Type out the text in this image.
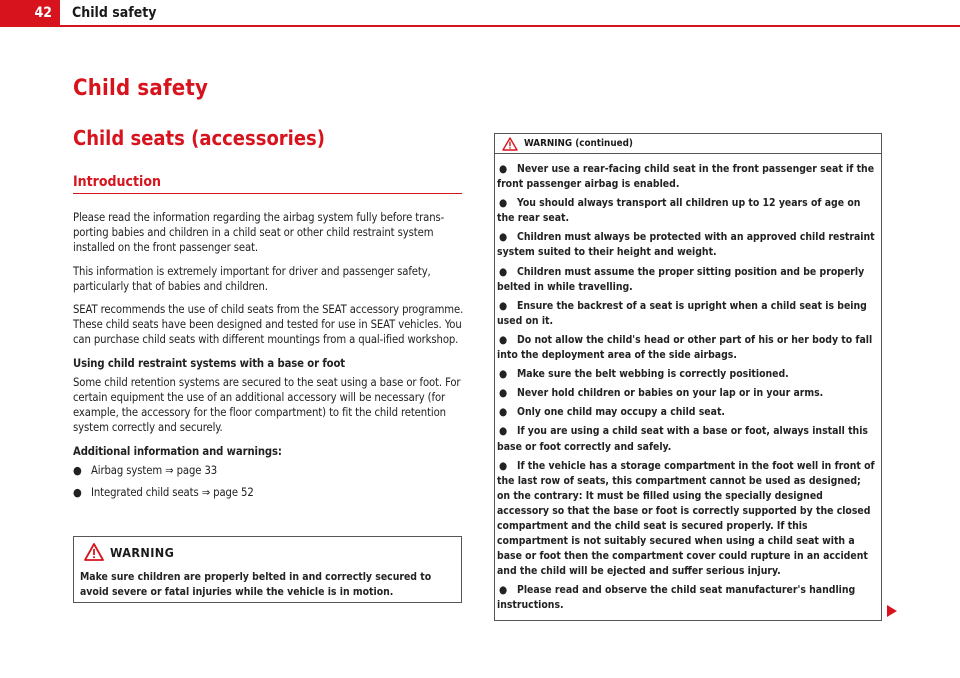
42	Child safety
Child safety
Child seats (accessories)
Introduction

Please read the information regarding the airbag system fully before trans-porting babies and children in a child seat or other child restraint system installed on the front passenger seat.

This information is extremely important for driver and passenger safety, particularly that of babies and children.

SEAT recommends the use of child seats from the SEAT accessory programme. These child seats have been designed and tested for use in SEAT vehicles. You can purchase child seats with different mountings from a qual-ified workshop.

Using child restraint systems with a base or foot

Some child retention systems are secured to the seat using a base or foot. For certain equipment the use of an additional accessory will be necessary (for example, the accessory for the floor compartment) to fit the child retention system correctly and securely.

Additional information and warnings:
● Airbag system ⇒ page 33
● Integrated child seats ⇒ page 52
WARNING
Make sure children are properly belted in and correctly secured to avoid severe or fatal injuries while the vehicle is in motion.
WARNING (continued)
● Never use a rear-facing child seat in the front passenger seat if the front passenger airbag is enabled.
● You should always transport all children up to 12 years of age on the rear seat.
● Children must always be protected with an approved child restraint system suited to their height and weight.
● Children must assume the proper sitting position and be properly belted in while travelling.
● Ensure the backrest of a seat is upright when a child seat is being used on it.
● Do not allow the child's head or other part of his or her body to fall into the deployment area of the side airbags.
● Make sure the belt webbing is correctly positioned.
● Never hold children or babies on your lap or in your arms.
● Only one child may occupy a child seat.
● If you are using a child seat with a base or foot, always install this base or foot correctly and safely.
● If the vehicle has a storage compartment in the foot well in front of the last row of seats, this compartment cannot be used as designed; on the contrary: It must be filled using the specially designed accessory so that the base or foot is correctly supported by the closed compartment and the child seat is secured properly. If this compartment is not suitably secured when using a child seat with a base or foot then the compartment cover could rupture in an accident and the child will be ejected and suffer serious injury.
● Please read and observe the child seat manufacturer's handling instructions.
